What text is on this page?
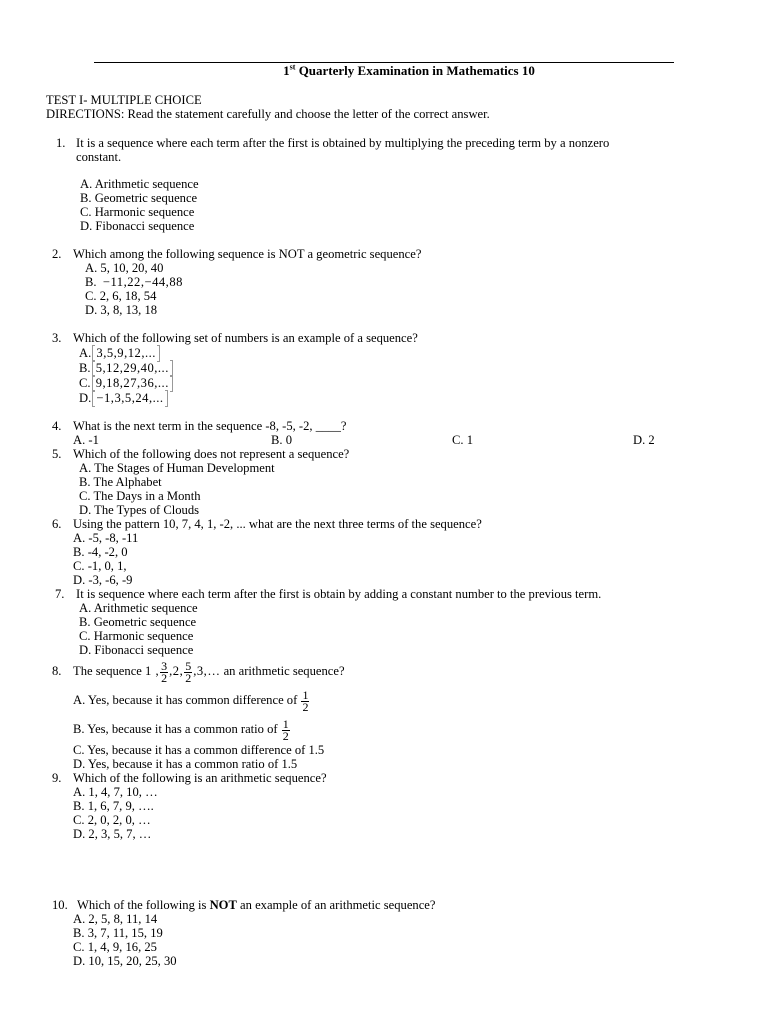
1st Quarterly Examination in Mathematics 10
TEST I- MULTIPLE CHOICE
DIRECTIONS: Read the statement carefully and choose the letter of the correct answer.
1. It is a sequence where each term after the first is obtained by multiplying the preceding term by a nonzero
constant.
A. Arithmetic sequence
B. Geometric sequence
C. Harmonic sequence
D. Fibonacci sequence
2. Which among the following sequence is NOT a geometric sequence?
A. 5, 10, 20, 40
B. −11,22,−44,88
C. 2, 6, 18, 54
D. 3, 8, 13, 18
3. Which of the following set of numbers is an example of a sequence?
A. 3,5,9,12,...
B. 5,12,29,40,...
C. 9,18,27,36,...
D. −1,3,5,24,...
4. What is the next term in the sequence -8, -5, -2, ____?
A. -1	B. 0	C. 1	D. 2
5. Which of the following does not represent a sequence?
A. The Stages of Human Development
B. The Alphabet
C. The Days in a Month
D. The Types of Clouds
6. Using the pattern 10, 7, 4, 1, -2, ... what are the next three terms of the sequence?
A. -5, -8, -11
B. -4, -2, 0
C. -1, 0, 1,
D. -3, -6, -9
7. It is sequence where each term after the first is obtain by adding a constant number to the previous term.
A. Arithmetic sequence
B. Geometric sequence
C. Harmonic sequence
D. Fibonacci sequence
8. The sequence 1 , $\frac{3}{2} ,2$, $\frac{5}{2}$ ,3,… an arithmetic sequence?
A. Yes, because it has common difference of $\frac{1}{2}$
B. Yes, because it has a common ratio of $\frac{1}{2}$
C. Yes, because it has a common difference of 1.5
D. Yes, because it has a common ratio of 1.5
9. Which of the following is an arithmetic sequence?
A. 1, 4, 7, 10, …
B. 1, 6, 7, 9, ….
C. 2, 0, 2, 0, …
D. 2, 3, 5, 7, …
10. Which of the following is NOT an example of an arithmetic sequence?
A. 2, 5, 8, 11, 14
B. 3, 7, 11, 15, 19
C. 1, 4, 9, 16, 25
D. 10, 15, 20, 25, 30
